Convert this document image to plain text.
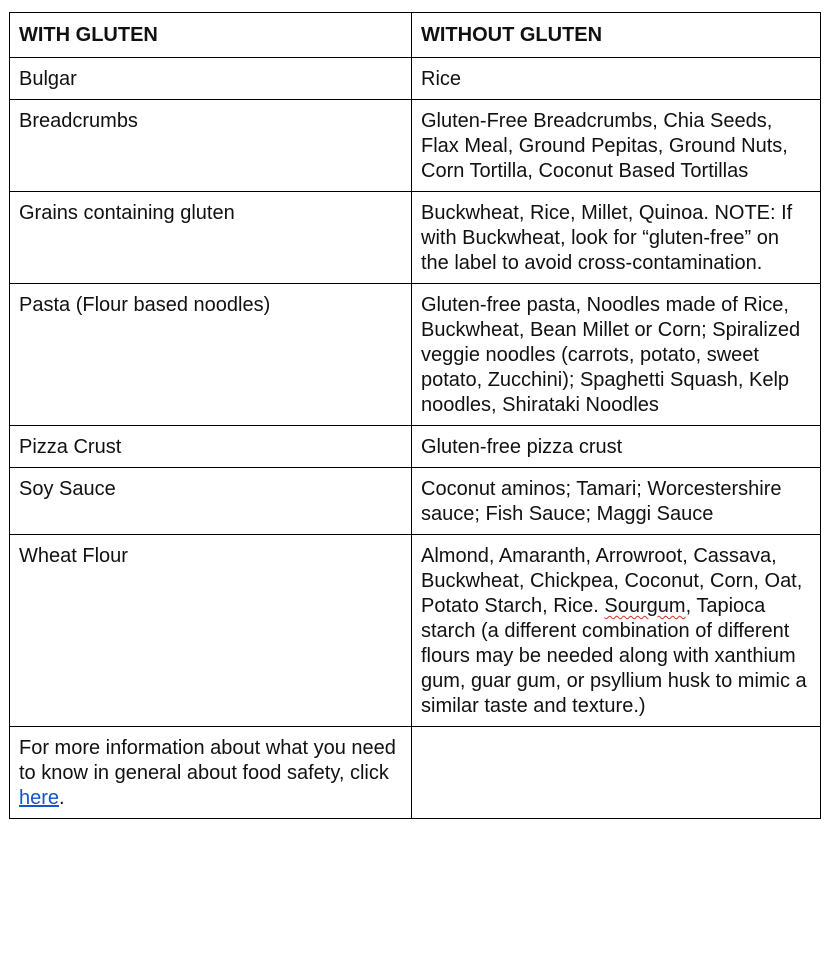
WITH GLUTEN	WITHOUT GLUTEN
Bulgar	Rice
Breadcrumbs	Gluten-Free Breadcrumbs, Chia Seeds, Flax Meal, Ground Pepitas, Ground Nuts, Corn Tortilla, Coconut Based Tortillas
Grains containing gluten	Buckwheat, Rice, Millet, Quinoa. NOTE: If with Buckwheat, look for “gluten-free” on the label to avoid cross-contamination.
Pasta (Flour based noodles)	Gluten-free pasta, Noodles made of Rice, Buckwheat, Bean Millet or Corn; Spiralized veggie noodles (carrots, potato, sweet potato, Zucchini); Spaghetti Squash, Kelp noodles, Shirataki Noodles
Pizza Crust	Gluten-free pizza crust
Soy Sauce	Coconut aminos; Tamari; Worcestershire sauce; Fish Sauce; Maggi Sauce
Wheat Flour	Almond, Amaranth, Arrowroot, Cassava, Buckwheat, Chickpea, Coconut, Corn, Oat, Potato Starch, Rice. Sourgum, Tapioca starch (a different combination of different flours may be needed along with xanthium gum, guar gum, or psyllium husk to mimic a similar taste and texture.)
For more information about what you need to know in general about food safety, click here.	
